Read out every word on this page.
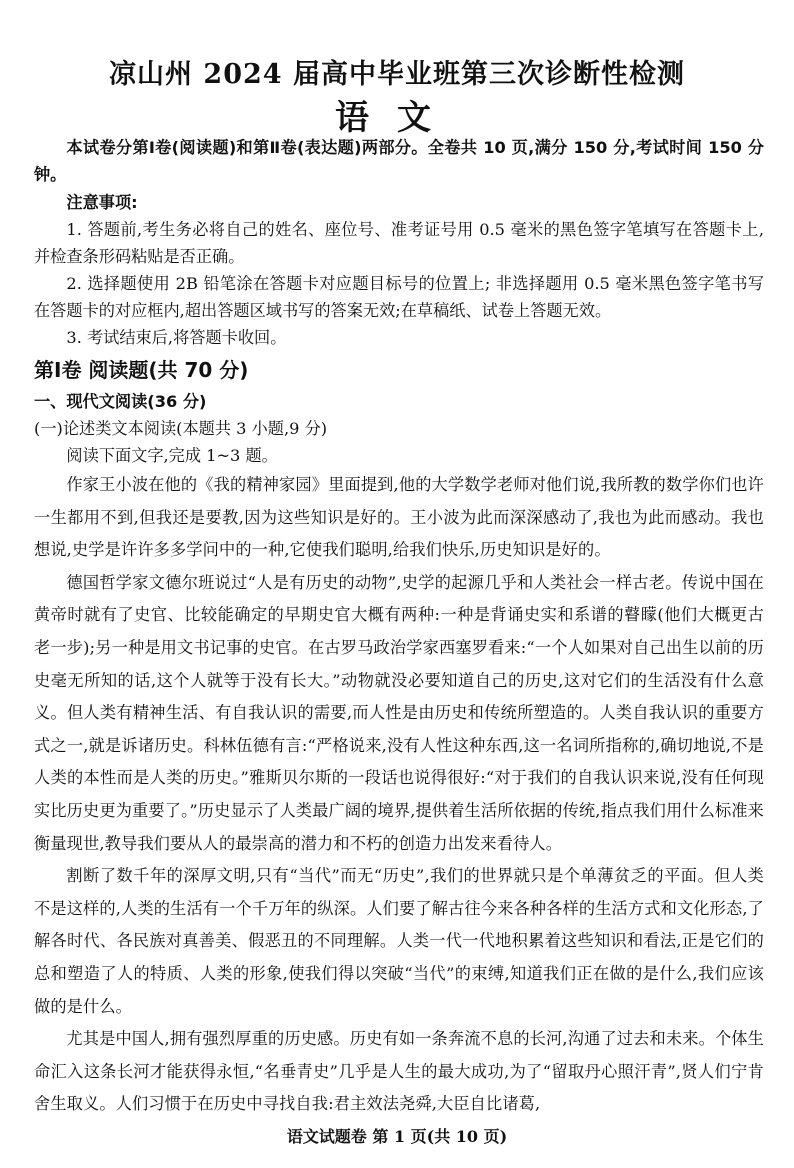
凉山州 2024 届高中毕业班第三次诊断性检测
语文

本试卷分第Ⅰ卷(阅读题)和第Ⅱ卷(表达题)两部分。全卷共 10 页,满分 150 分,考试时间 150 分钟。

注意事项:

1. 答题前,考生务必将自己的姓名、座位号、准考证号用 0.5 毫米的黑色签字笔填写在答题卡上,并检查条形码粘贴是否正确。

2. 选择题使用 2B 铅笔涂在答题卡对应题目标号的位置上; 非选择题用 0.5 毫米黑色签字笔书写在答题卡的对应框内,超出答题区域书写的答案无效;在草稿纸、试卷上答题无效。

3. 考试结束后,将答题卡收回。

第Ⅰ卷 阅读题(共 70 分)

一、现代文阅读(36 分)

(一)论述类文本阅读(本题共 3 小题,9 分)

阅读下面文字,完成 1~3 题。

作家王小波在他的《我的精神家园》里面提到,他的大学数学老师对他们说,我所教的数学你们也许一生都用不到,但我还是要教,因为这些知识是好的。王小波为此而深深感动了,我也为此而感动。我也想说,史学是许许多多学问中的一种,它使我们聪明,给我们快乐,历史知识是好的。

德国哲学家文德尔班说过“人是有历史的动物”,史学的起源几乎和人类社会一样古老。传说中国在黄帝时就有了史官、比较能确定的早期史官大概有两种:一种是背诵史实和系谱的瞽矇(他们大概更古老一步);另一种是用文书记事的史官。在古罗马政治学家西塞罗看来:“一个人如果对自己出生以前的历史毫无所知的话,这个人就等于没有长大。”动物就没必要知道自己的历史,这对它们的生活没有什么意义。但人类有精神生活、有自我认识的需要,而人性是由历史和传统所塑造的。人类自我认识的重要方式之一,就是诉诸历史。科林伍德有言:“严格说来,没有人性这种东西,这一名词所指称的,确切地说,不是人类的本性而是人类的历史。”雅斯贝尔斯的一段话也说得很好:“对于我们的自我认识来说,没有任何现实比历史更为重要了。”历史显示了人类最广阔的境界,提供着生活所依据的传统,指点我们用什么标准来衡量现世,教导我们要从人的最崇高的潜力和不朽的创造力出发来看待人。

割断了数千年的深厚文明,只有“当代”而无“历史”,我们的世界就只是个单薄贫乏的平面。但人类不是这样的,人类的生活有一个千万年的纵深。人们要了解古往今来各种各样的生活方式和文化形态,了解各时代、各民族对真善美、假恶丑的不同理解。人类一代一代地积累着这些知识和看法,正是它们的总和塑造了人的特质、人类的形象,使我们得以突破“当代”的束缚,知道我们正在做的是什么,我们应该做的是什么。

尤其是中国人,拥有强烈厚重的历史感。历史有如一条奔流不息的长河,沟通了过去和未来。个体生命汇入这条长河才能获得永恒,“名垂青史”几乎是人生的最大成功,为了“留取丹心照汗青”,贤人们宁肯舍生取义。人们习惯于在历史中寻找自我:君主效法尧舜,大臣自比诸葛,

语文试题卷 第 1 页(共 10 页)
